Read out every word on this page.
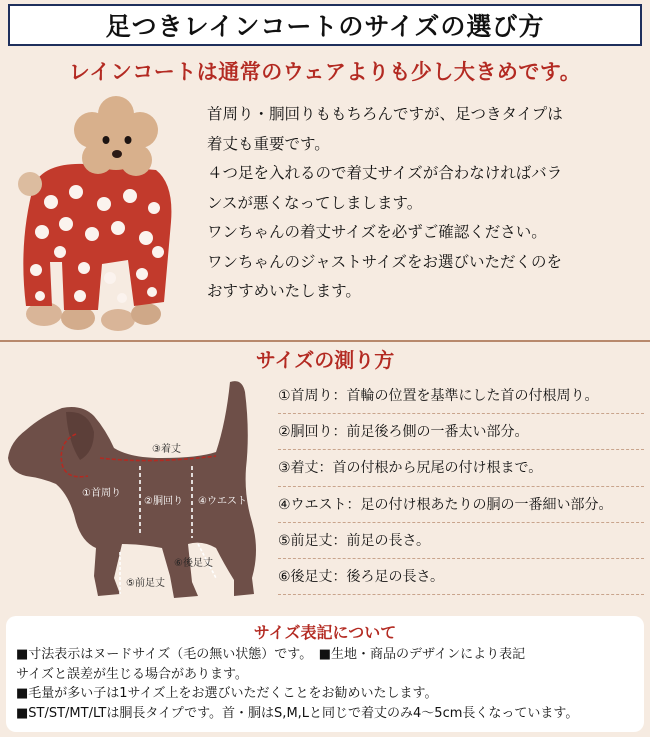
足つきレインコートのサイズの選び方
レインコートは通常のウェアよりも少し大きめです。

首周り・胴回りももちろんですが、足つきタイプは

着丈も重要です。

４つ足を入れるので着丈サイズが合わなければバラ

ンスが悪くなってしまします。

ワンちゃんの着丈サイズを必ずご確認ください。

ワンちゃんのジャストサイズをお選びいただくのを

おすすめいたします。

サイズの測り方
③着丈
①首周り
②胴回り ④ウエスト
⑥後足丈
⑤前足丈
①首周り：首輪の位置を基準にした首の付根周り。
②胴回り：前足後ろ側の一番太い部分。
③着丈：首の付根から尻尾の付け根まで。
④ウエスト：足の付け根あたりの胴の一番細い部分。
⑤前足丈：前足の長さ。
⑥後足丈：後ろ足の長さ。
サイズ表記について

■寸法表示はヌードサイズ（毛の無い状態）です。　■生地・商品のデザインにより表記

サイズと誤差が生じる場合があります。

■毛量が多い子は1サイズ上をお選びいただくことをお勧めいたします。

■ST/ST/MT/LTは胴長タイプです。首・胴はS,M,Lと同じで着丈のみ4～5cm長くなっています。
